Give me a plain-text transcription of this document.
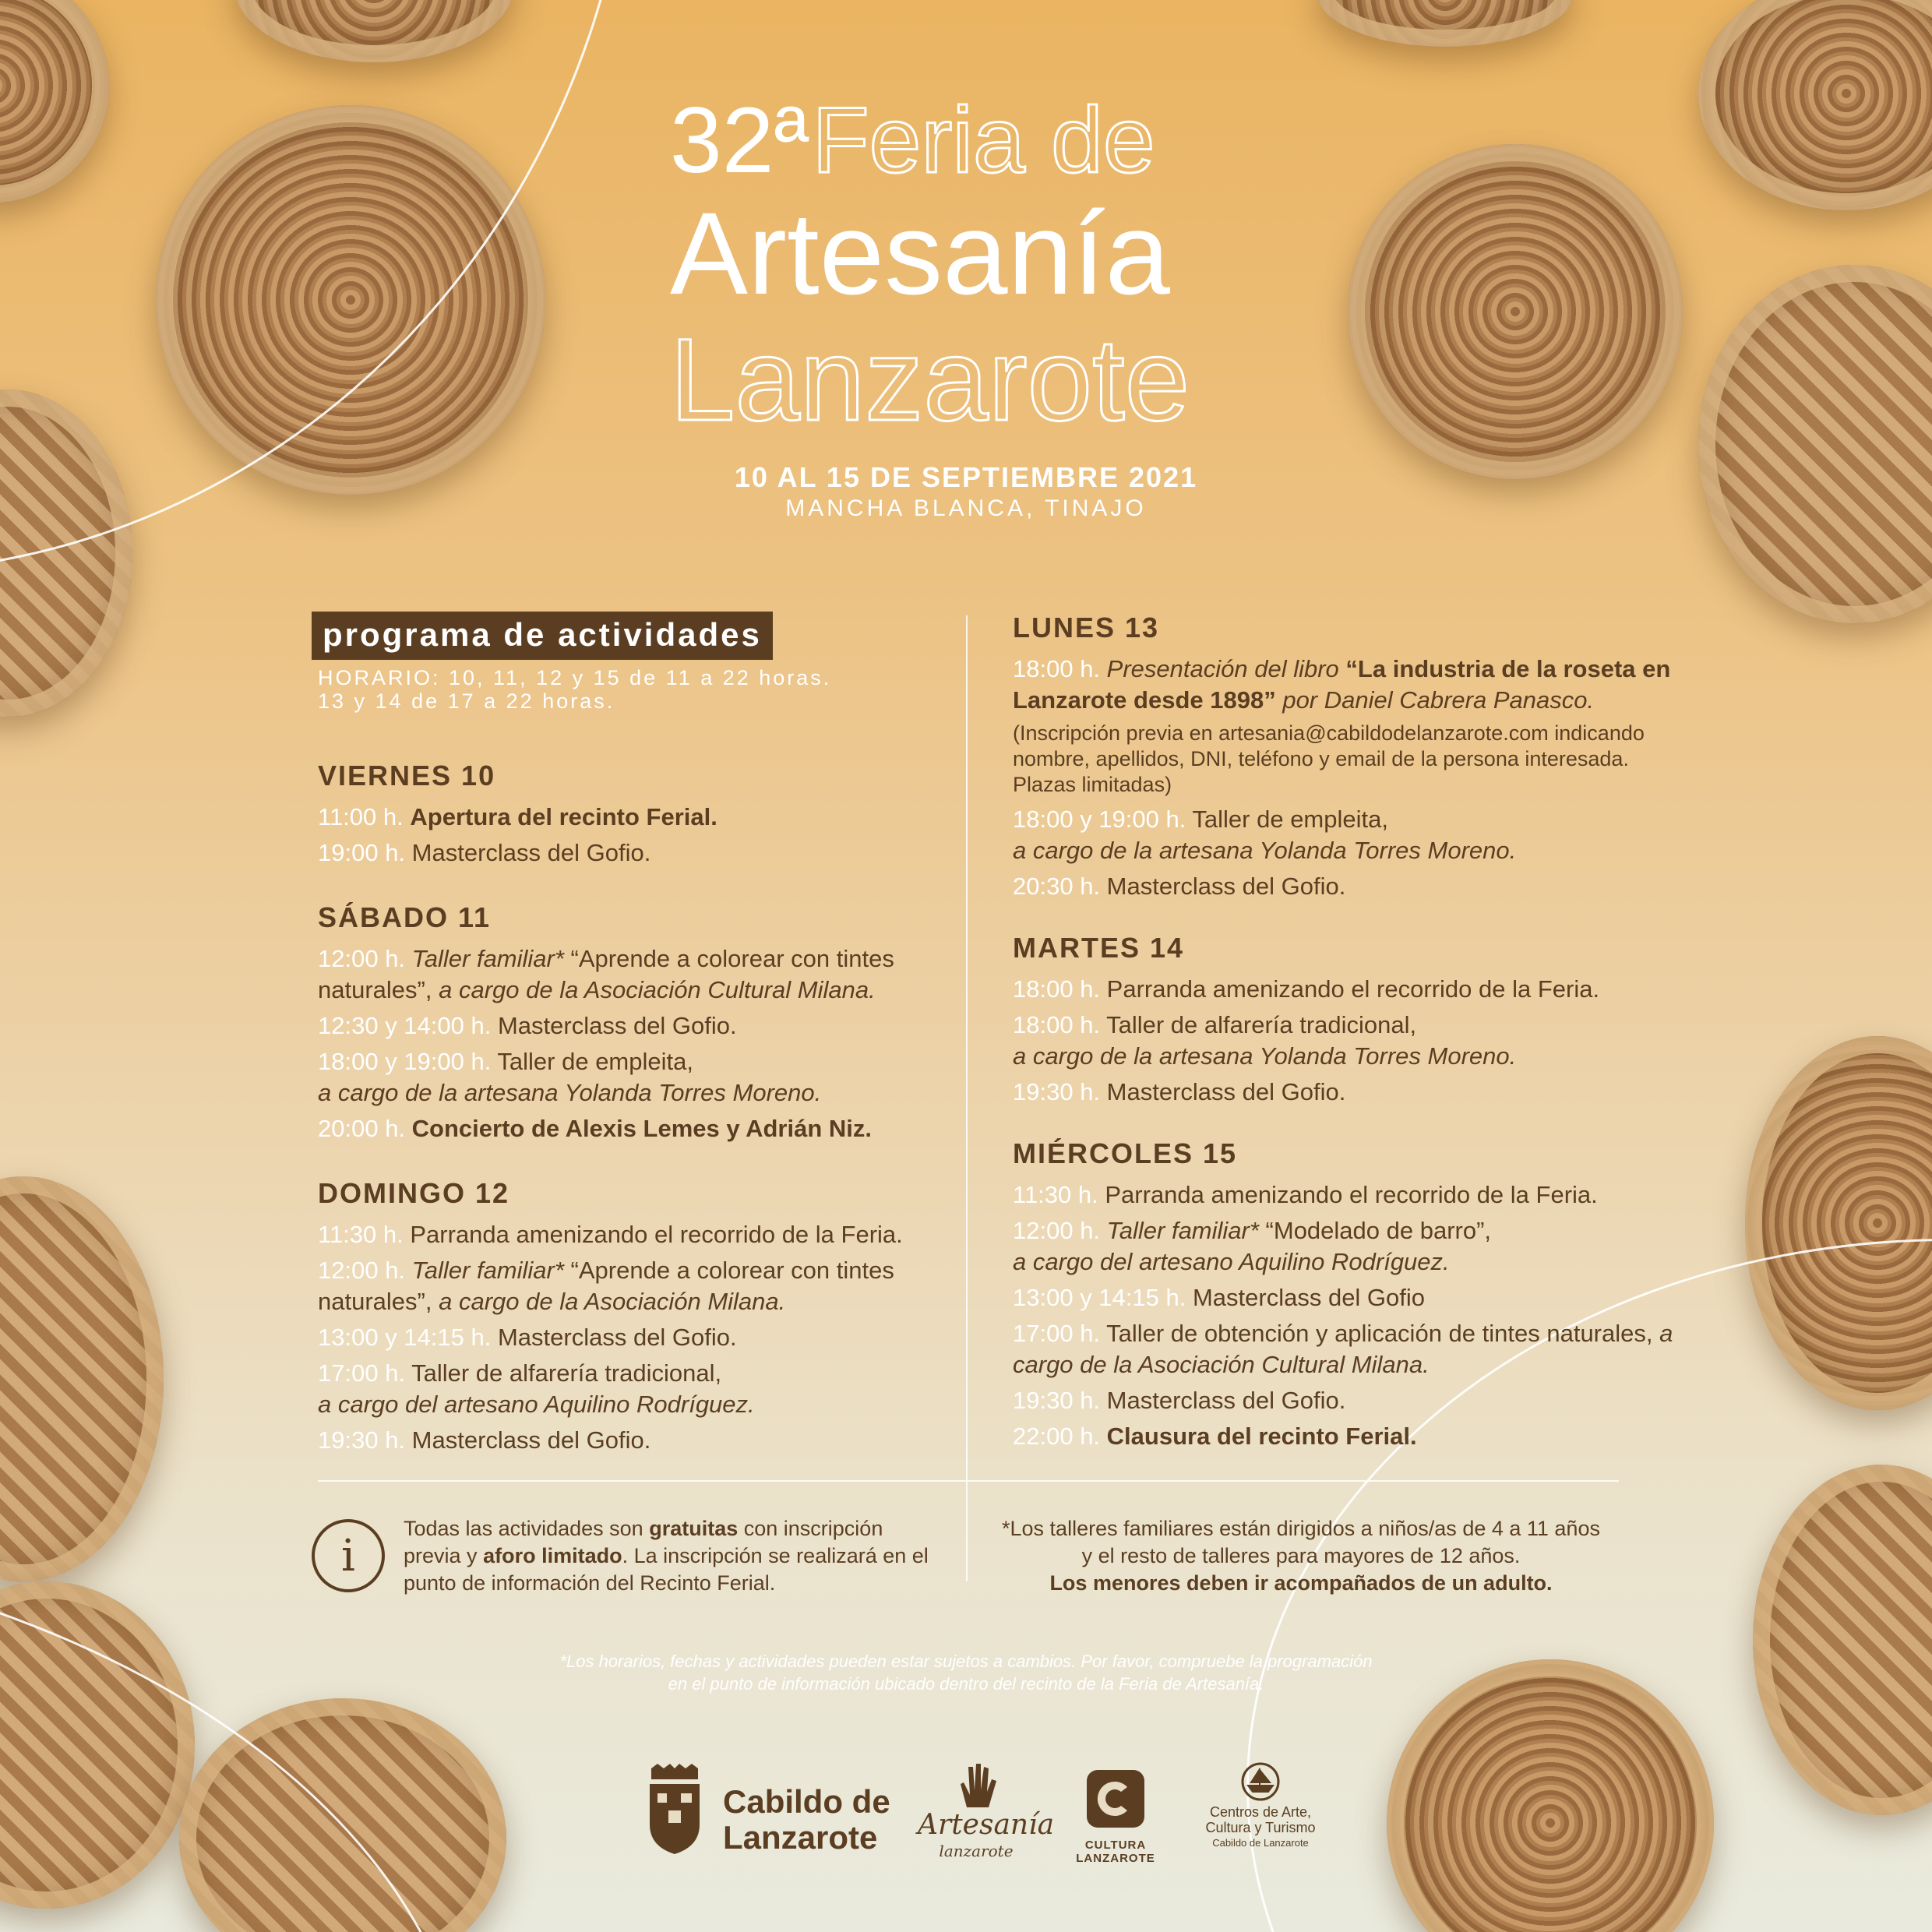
32ª Feria de
Artesanía
Lanzarote
10 AL 15 DE SEPTIEMBRE 2021
MANCHA BLANCA, TINAJO
programa de actividades
HORARIO: 10, 11, 12 y 15 de 11 a 22 horas.
13 y 14 de 17 a 22 horas.
VIERNES 10
11:00 h. Apertura del recinto Ferial.
19:00 h. Masterclass del Gofio.
SÁBADO 11
12:00 h. Taller familiar* “Aprende a colorear con tintes naturales”, a cargo de la Asociación Cultural Milana.
12:30 y 14:00 h. Masterclass del Gofio.
18:00 y 19:00 h. Taller de empleita,
a cargo de la artesana Yolanda Torres Moreno.
20:00 h. Concierto de Alexis Lemes y Adrián Niz.
DOMINGO 12
11:30 h. Parranda amenizando el recorrido de la Feria.
12:00 h. Taller familiar* “Aprende a colorear con tintes naturales”, a cargo de la Asociación Milana.
13:00 y 14:15 h. Masterclass del Gofio.
17:00 h. Taller de alfarería tradicional,
a cargo del artesano Aquilino Rodríguez.
19:30 h. Masterclass del Gofio.
LUNES 13
18:00 h. Presentación del libro “La industria de la roseta en Lanzarote desde 1898” por Daniel Cabrera Panasco.
(Inscripción previa en artesania@cabildodelanzarote.com indicando nombre, apellidos, DNI, teléfono y email de la persona interesada. Plazas limitadas)
18:00 y 19:00 h. Taller de empleita,
a cargo de la artesana Yolanda Torres Moreno.
20:30 h. Masterclass del Gofio.
MARTES 14
18:00 h. Parranda amenizando el recorrido de la Feria.
18:00 h. Taller de alfarería tradicional,
a cargo de la artesana Yolanda Torres Moreno.
19:30 h. Masterclass del Gofio.
MIÉRCOLES 15
11:30 h. Parranda amenizando el recorrido de la Feria.
12:00 h. Taller familiar* “Modelado de barro”,
a cargo del artesano Aquilino Rodríguez.
13:00 y 14:15 h. Masterclass del Gofio
17:00 h. Taller de obtención y aplicación de tintes naturales, a cargo de la Asociación Cultural Milana.
19:30 h. Masterclass del Gofio.
22:00 h. Clausura del recinto Ferial.
i
Todas las actividades son gratuitas con inscripción previa y aforo limitado. La inscripción se realizará en el punto de información del Recinto Ferial.
*Los talleres familiares están dirigidos a niños/as de 4 a 11 años y el resto de talleres para mayores de 12 años.
Los menores deben ir acompañados de un adulto.
*Los horarios, fechas y actividades pueden estar sujetos a cambios. Por favor, compruebe la programación
en el punto de información ubicado dentro del recinto de la Feria de Artesanía.
Cabildo de
Lanzarote	Artesanía
lanzarote	CULTURA LANZAROTE
Centros de Arte,
Cultura y Turismo
Cabildo de Lanzarote
